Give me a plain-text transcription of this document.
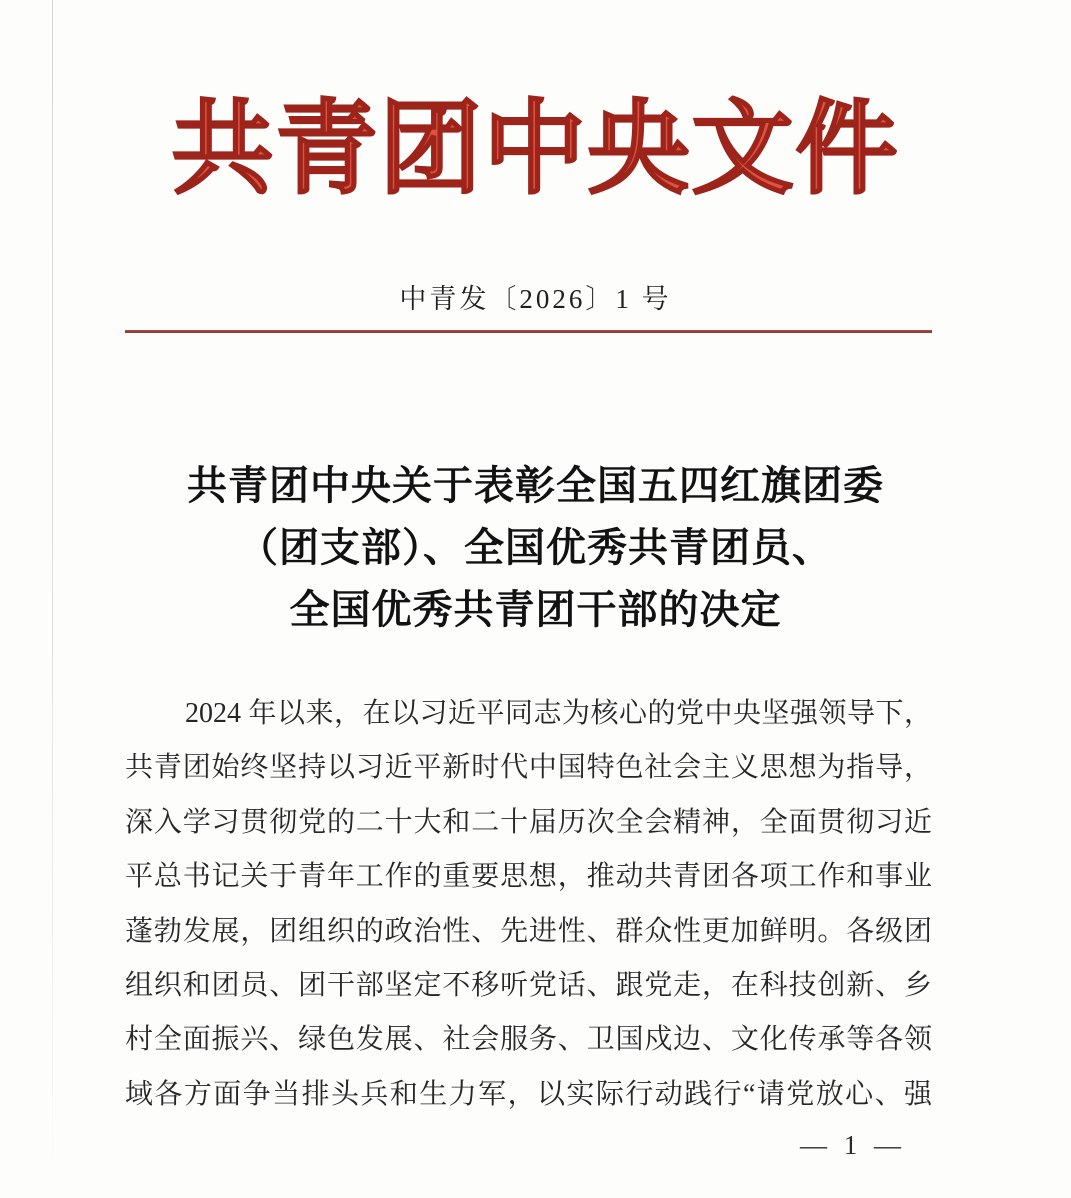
共青团中央文件
中青发〔2026〕1 号
共青团中央关于表彰全国五四红旗团委
（团支部）、全国优秀共青团员、
全国优秀共青团干部的决定
2024 年以来，在以习近平同志为核心的党中央坚强领导下，
共青团始终坚持以习近平新时代中国特色社会主义思想为指导，
深入学习贯彻党的二十大和二十届历次全会精神，全面贯彻习近
平总书记关于青年工作的重要思想，推动共青团各项工作和事业
蓬勃发展，团组织的政治性、先进性、群众性更加鲜明。各级团
组织和团员、团干部坚定不移听党话、跟党走，在科技创新、乡
村全面振兴、绿色发展、社会服务、卫国戍边、文化传承等各领
域各方面争当排头兵和生力军，以实际行动践行“请党放心、强
— 1 —
